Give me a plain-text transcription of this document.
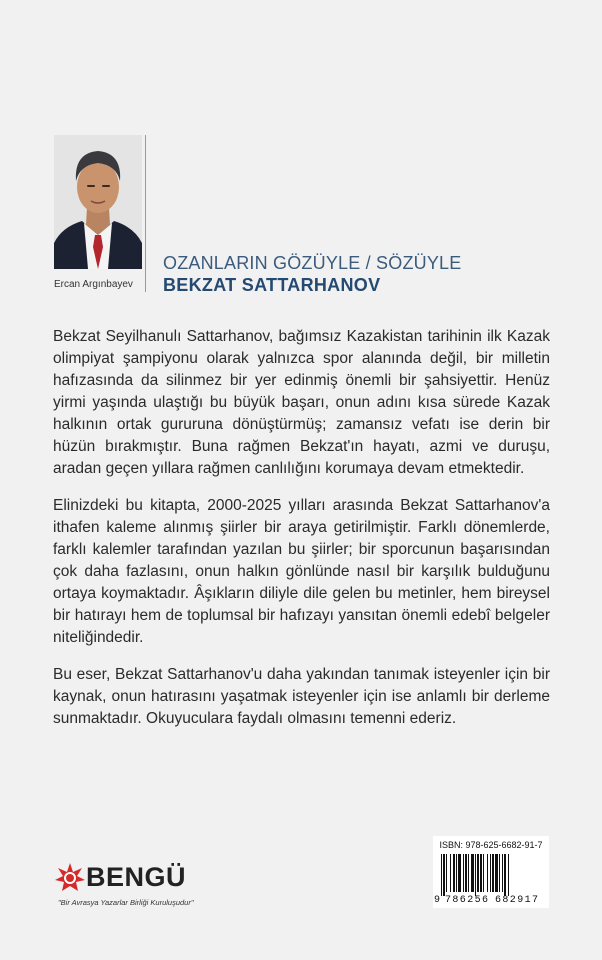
Ercan Argınbayev
OZANLARIN GÖZÜYLE / SÖZÜYLE
BEKZAT SATTARHANOV

Bekzat Seyilhanulı Sattarhanov, bağımsız Kazakistan tarihinin ilk Kazak olimpiyat şampiyonu olarak yalnızca spor alanında değil, bir milletin hafızasında da silinmez bir yer edinmiş önemli bir şahsiyettir. Henüz yirmi yaşında ulaştığı bu büyük başarı, onun adını kısa sürede Kazak halkının ortak gururuna dönüştürmüş; zamansız vefatı ise derin bir hüzün bırakmıştır. Buna rağmen Bekzat'ın hayatı, azmi ve duruşu, aradan geçen yıllara rağmen canlılığını korumaya devam etmektedir.

Elinizdeki bu kitapta, 2000-2025 yılları arasında Bekzat Sattarhanov'a ithafen kaleme alınmış şiirler bir araya getirilmiştir. Farklı dönemlerde, farklı kalemler tarafından yazılan bu şiirler; bir sporcunun başarısından çok daha fazlasını, onun halkın gönlünde nasıl bir karşılık bulduğunu ortaya koymaktadır. Âşıkların diliyle dile gelen bu metinler, hem bireysel bir hatırayı hem de toplumsal bir hafızayı yansıtan önemli edebî belgeler niteliğindedir.

Bu eser, Bekzat Sattarhanov'u daha yakından tanımak isteyenler için bir kaynak, onun hatırasını yaşatmak isteyenler için ise anlamlı bir derleme sunmaktadır. Okuyuculara faydalı olmasını temenni ederiz.

BENGÜ
"Bir Avrasya Yazarlar Birliği Kuruluşudur"
ISBN: 978-625-6682-91-7
9 786256 682917
